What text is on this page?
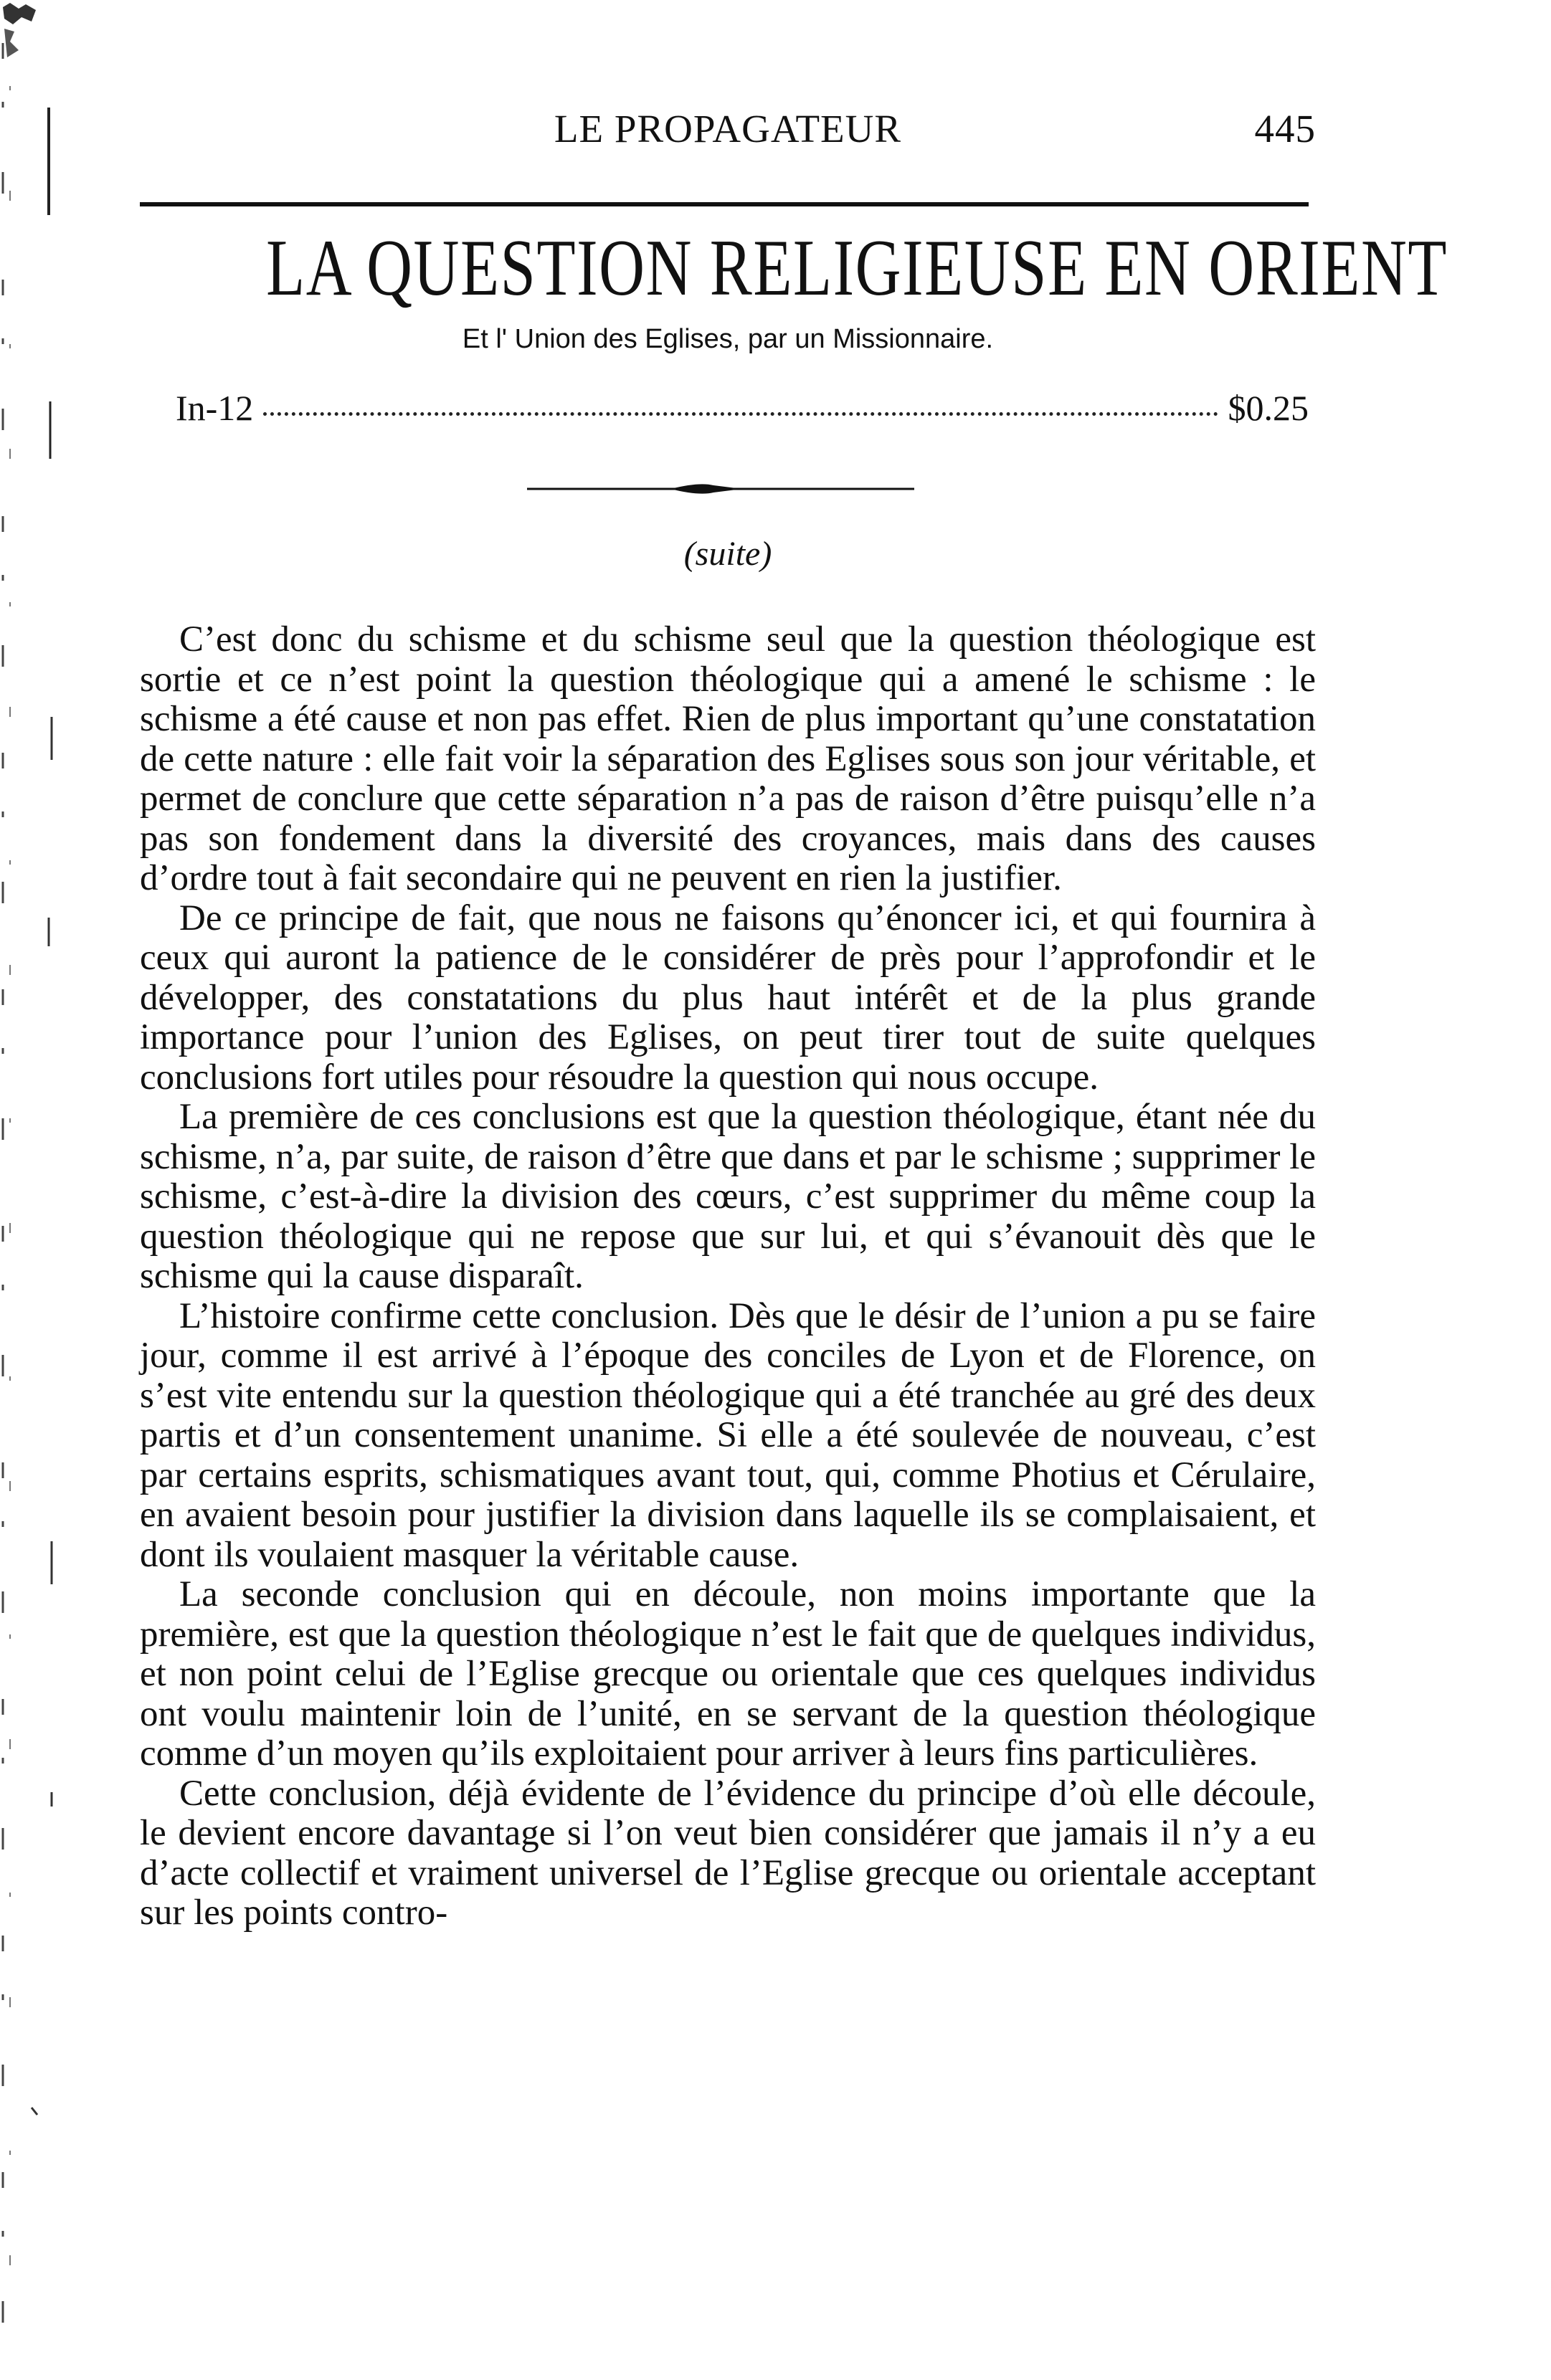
LE PROPAGATEUR	445
LA QUESTION RELIGIEUSE EN ORIENT
Et l' Union des Eglises, par un Missionnaire.
In-12	$0.25
(suite)

C’est donc du schisme et du schisme seul que la question théologique est sortie et ce n’est point la question théologique qui a amené le schisme : le schisme a été cause et non pas effet. Rien de plus important qu’une constatation de cette nature : elle fait voir la séparation des Eglises sous son jour véritable, et permet de conclure que cette séparation n’a pas de raison d’être puisqu’elle n’a pas son fondement dans la diversité des croyances, mais dans des causes d’ordre tout à fait secondaire qui ne peuvent en rien la justifier.

De ce principe de fait, que nous ne faisons qu’énoncer ici, et qui fournira à ceux qui auront la patience de le considérer de près pour l’approfondir et le développer, des constatations du plus haut intérêt et de la plus grande importance pour l’union des Eglises, on peut tirer tout de suite quelques conclusions fort utiles pour résoudre la question qui nous occupe.

La première de ces conclusions est que la question théologique, étant née du schisme, n’a, par suite, de raison d’être que dans et par le schisme ; supprimer le schisme, c’est-à-dire la division des cœurs, c’est supprimer du même coup la question théologique qui ne repose que sur lui, et qui s’évanouit dès que le schisme qui la cause disparaît.

L’histoire confirme cette conclusion. Dès que le désir de l’union a pu se faire jour, comme il est arrivé à l’époque des conciles de Lyon et de Florence, on s’est vite entendu sur la question théologique qui a été tranchée au gré des deux partis et d’un consentement unanime. Si elle a été soulevée de nouveau, c’est par certains esprits, schismatiques avant tout, qui, comme Photius et Cérulaire, en avaient besoin pour justifier la division dans laquelle ils se complaisaient, et dont ils voulaient masquer la véritable cause.

La seconde conclusion qui en découle, non moins importante que la première, est que la question théologique n’est le fait que de quelques individus, et non point celui de l’Eglise grecque ou orientale que ces quelques individus ont voulu maintenir loin de l’unité, en se servant de la question théologique comme d’un moyen qu’ils exploitaient pour arriver à leurs fins particulières.

Cette conclusion, déjà évidente de l’évidence du principe d’où elle découle, le devient encore davantage si l’on veut bien considérer que jamais il n’y a eu d’acte collectif et vraiment universel de l’Eglise grecque ou orientale acceptant sur les points contro-
